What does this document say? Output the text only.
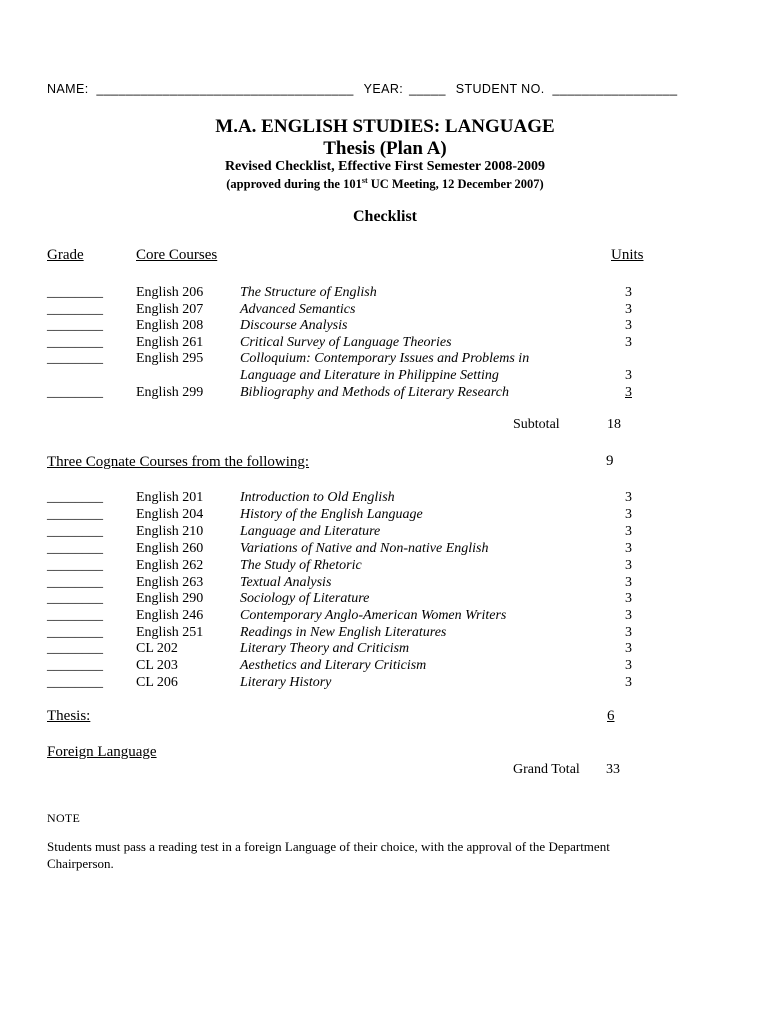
NAME: ___________________________________ YEAR: _____ STUDENT NO. _________________
M.A. ENGLISH STUDIES: LANGUAGE
Thesis (Plan A)
Revised Checklist, Effective First Semester 2008-2009
(approved during the 101st UC Meeting, 12 December 2007)
Checklist
Grade	Core Courses	Units
________ English 206	The Structure of English	3
________ English 207	Advanced Semantics	3
________ English 208	Discourse Analysis	3
________ English 261	Critical Survey of Language Theories	3
________ English 295	Colloquium: Contemporary Issues and Problems in
Language and Literature in Philippine Setting	3
________ English 299	Bibliography and Methods of Literary Research	3
Subtotal	18
Three Cognate Courses from the following:	9
________ English 201	Introduction to Old English	3
________ English 204	History of the English Language	3
________ English 210	Language and Literature	3
________ English 260	Variations of Native and Non-native English	3
________ English 262	The Study of Rhetoric	3
________ English 263	Textual Analysis	3
________ English 290	Sociology of Literature	3
________ English 246	Contemporary Anglo-American Women Writers	3
________ English 251	Readings in New English Literatures	3
________ CL 202	Literary Theory and Criticism	3
________ CL 203	Aesthetics and Literary Criticism	3
________ CL 206	Literary History	3
Thesis:	6
Foreign Language
Grand Total 33
NOTE
Students must pass a reading test in a foreign Language of their choice, with the approval of the Department
Chairperson.
